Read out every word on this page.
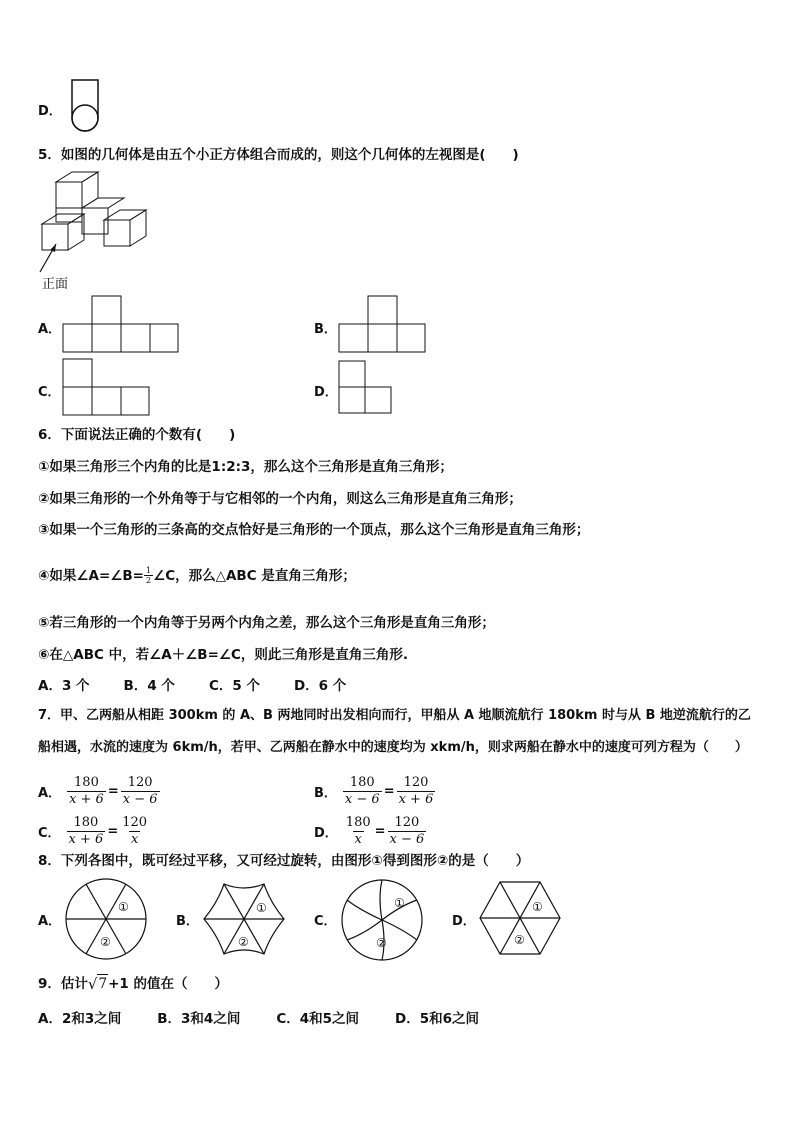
D．
5．如图的几何体是由五个小正方体组合而成的，则这个几何体的左视图是(　　)
正面
A．	B．
C．	D．
6．下面说法正确的个数有(　　)
①如果三角形三个内角的比是1:2:3，那么这个三角形是直角三角形；
②如果三角形的一个外角等于与它相邻的一个内角，则这么三角形是直角三角形；
③如果一个三角形的三条高的交点恰好是三角形的一个顶点，那么这个三角形是直角三角形；
④如果∠A=∠B= $\frac{1}{2}$ ∠C，那么△ABC 是直角三角形；
⑤若三角形的一个内角等于另两个内角之差，那么这个三角形是直角三角形；
⑥在△ABC 中，若∠A＋∠B=∠C，则此三角形是直角三角形.
A．3 个	B．4 个	C．5 个	D．6 个
7．甲、乙两船从相距 300km 的 A、B 两地同时出发相向而行，甲船从 A 地顺流航行 180km 时与从 B 地逆流航行的乙
船相遇，水流的速度为 6km/h，若甲、乙两船在静水中的速度均为 xkm/h，则求两船在静水中的速度可列方程为（　　）
A． $\frac{180}{x + 6} = \frac{120}{x - 6}$	B． $\frac{180}{x - 6} = \frac{120}{x + 6}$
C． $\frac{180}{x + 6} = \frac{120}{x}$	D． $\frac{180}{x} = \frac{120}{x - 6}$
8．下列各图中，既可经过平移，又可经过旋转，由图形①得到图形②的是（　　）
A．
①
②
B．
①
②
C．
①
②
D．
①
②
9．估计 √ 7 +1 的值在（　　）
A．2和3之间	B．3和4之间	C．4和5之间	D．5和6之间
